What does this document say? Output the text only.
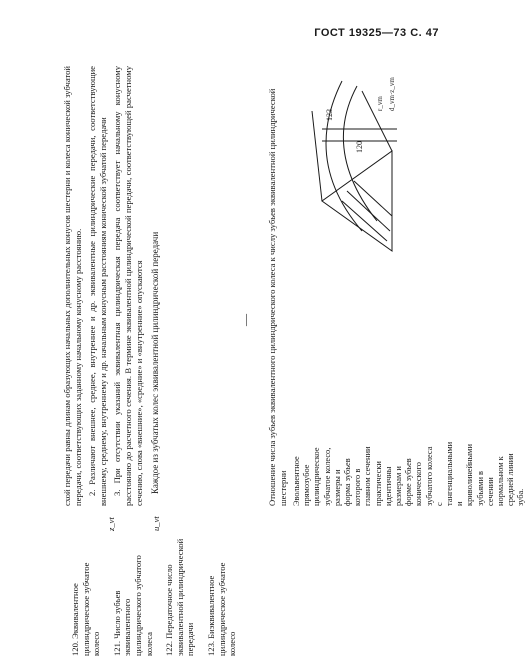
ГОСТ 19325—73 С. 47
120. Эквивалентное цилиндрическое зубчатое колесо 121. Число зубьев эквивалентного цилиндрического зубчатого колеса 122. Передаточное число эквивалентной цилиндрической передачи 123. Биэквивалентное цилиндрическое зубчатое колесо
z_vt	u_vt

схой передачи равны длинам образующих начальных дополнительных конусов шестерни и колеса конической зубчатой передачи, соответствующих заданному начальному конусному расстоянию. 2. Различают внешнее, среднее, внутреннее и др. эквивалентные цилиндрические передачи, соответствующие внешнему, среднему, внутреннему и др. начальным конусным расстояниям конической зубчатой передачи 3. При отсутствии указаний эквивалентная цилиндрическая передача соответствует начальному конусному расстоянию до расчетного сечения. В термине эквивалентной цилиндрической передачи, соответствующей расчетному сечению, слова «внешние», «средние» и «внутренние» опускаются Каждое из зубчатых колес эквивалентной цилиндрической передачи	— Отношение числа зубьев эквивалентного цилиндрического колеса к числу зубьев эквивалентной цилиндрической шестерни Эвольвентное прямозубое цилиндрическое зубчатое колесо, размеры и форма зубьев которого в главном сечении практически идентичны размерам и форме зубьев конического зубчатого колеса с тангенциальными и криволинейными зубьями в сечении нормальном к средней линии зуба.
120
123
r_vm d_vm·z_vm
